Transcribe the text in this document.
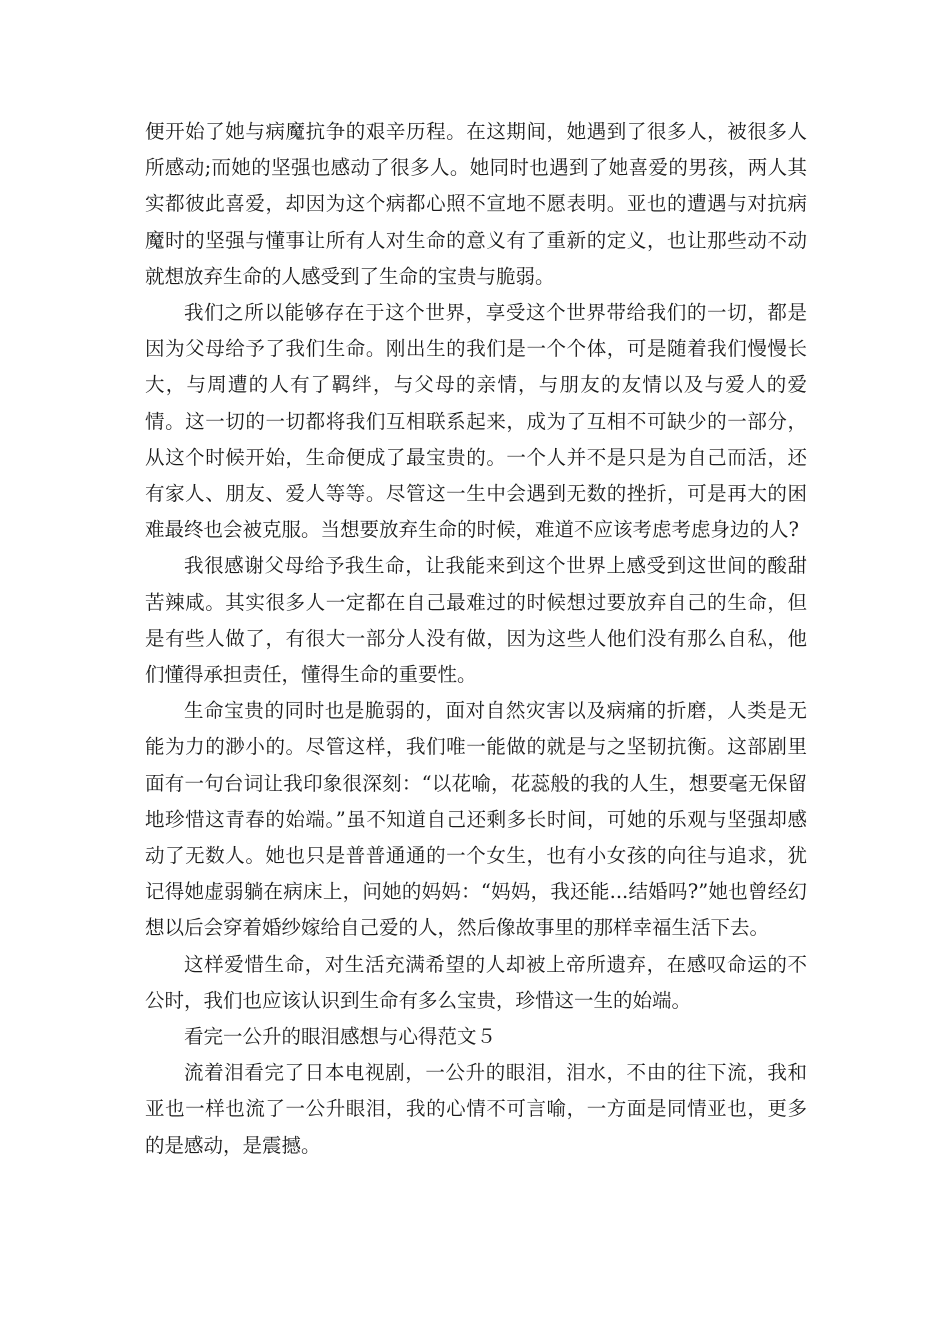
便开始了她与病魔抗争的艰辛历程。在这期间，她遇到了很多人，被很多人所感动;而她的坚强也感动了很多人。她同时也遇到了她喜爱的男孩，两人其实都彼此喜爱，却因为这个病都心照不宣地不愿表明。亚也的遭遇与对抗病魔时的坚强与懂事让所有人对生命的意义有了重新的定义，也让那些动不动就想放弃生命的人感受到了生命的宝贵与脆弱。

我们之所以能够存在于这个世界，享受这个世界带给我们的一切，都是因为父母给予了我们生命。刚出生的我们是一个个体，可是随着我们慢慢长大，与周遭的人有了羁绊，与父母的亲情，与朋友的友情以及与爱人的爱情。这一切的一切都将我们互相联系起来，成为了互相不可缺少的一部分，从这个时候开始，生命便成了最宝贵的。一个人并不是只是为自己而活，还有家人、朋友、爱人等等。尽管这一生中会遇到无数的挫折，可是再大的困难最终也会被克服。当想要放弃生命的时候，难道不应该考虑考虑身边的人?

我很感谢父母给予我生命，让我能来到这个世界上感受到这世间的酸甜苦辣咸。其实很多人一定都在自己最难过的时候想过要放弃自己的生命，但是有些人做了，有很大一部分人没有做，因为这些人他们没有那么自私，他们懂得承担责任，懂得生命的重要性。

生命宝贵的同时也是脆弱的，面对自然灾害以及病痛的折磨，人类是无能为力的渺小的。尽管这样，我们唯一能做的就是与之坚韧抗衡。这部剧里面有一句台词让我印象很深刻：“以花喻，花蕊般的我的人生，想要毫无保留地珍惜这青春的始端。”虽不知道自己还剩多长时间，可她的乐观与坚强却感动了无数人。她也只是普普通通的一个女生，也有小女孩的向往与追求，犹记得她虚弱躺在病床上，问她的妈妈：“妈妈，我还能...结婚吗?”她也曾经幻想以后会穿着婚纱嫁给自己爱的人，然后像故事里的那样幸福生活下去。

这样爱惜生命，对生活充满希望的人却被上帝所遗弃，在感叹命运的不公时，我们也应该认识到生命有多么宝贵，珍惜这一生的始端。

看完一公升的眼泪感想与心得范文５

流着泪看完了日本电视剧，一公升的眼泪，泪水，不由的往下流，我和亚也一样也流了一公升眼泪，我的心情不可言喻，一方面是同情亚也，更多的是感动，是震撼。
